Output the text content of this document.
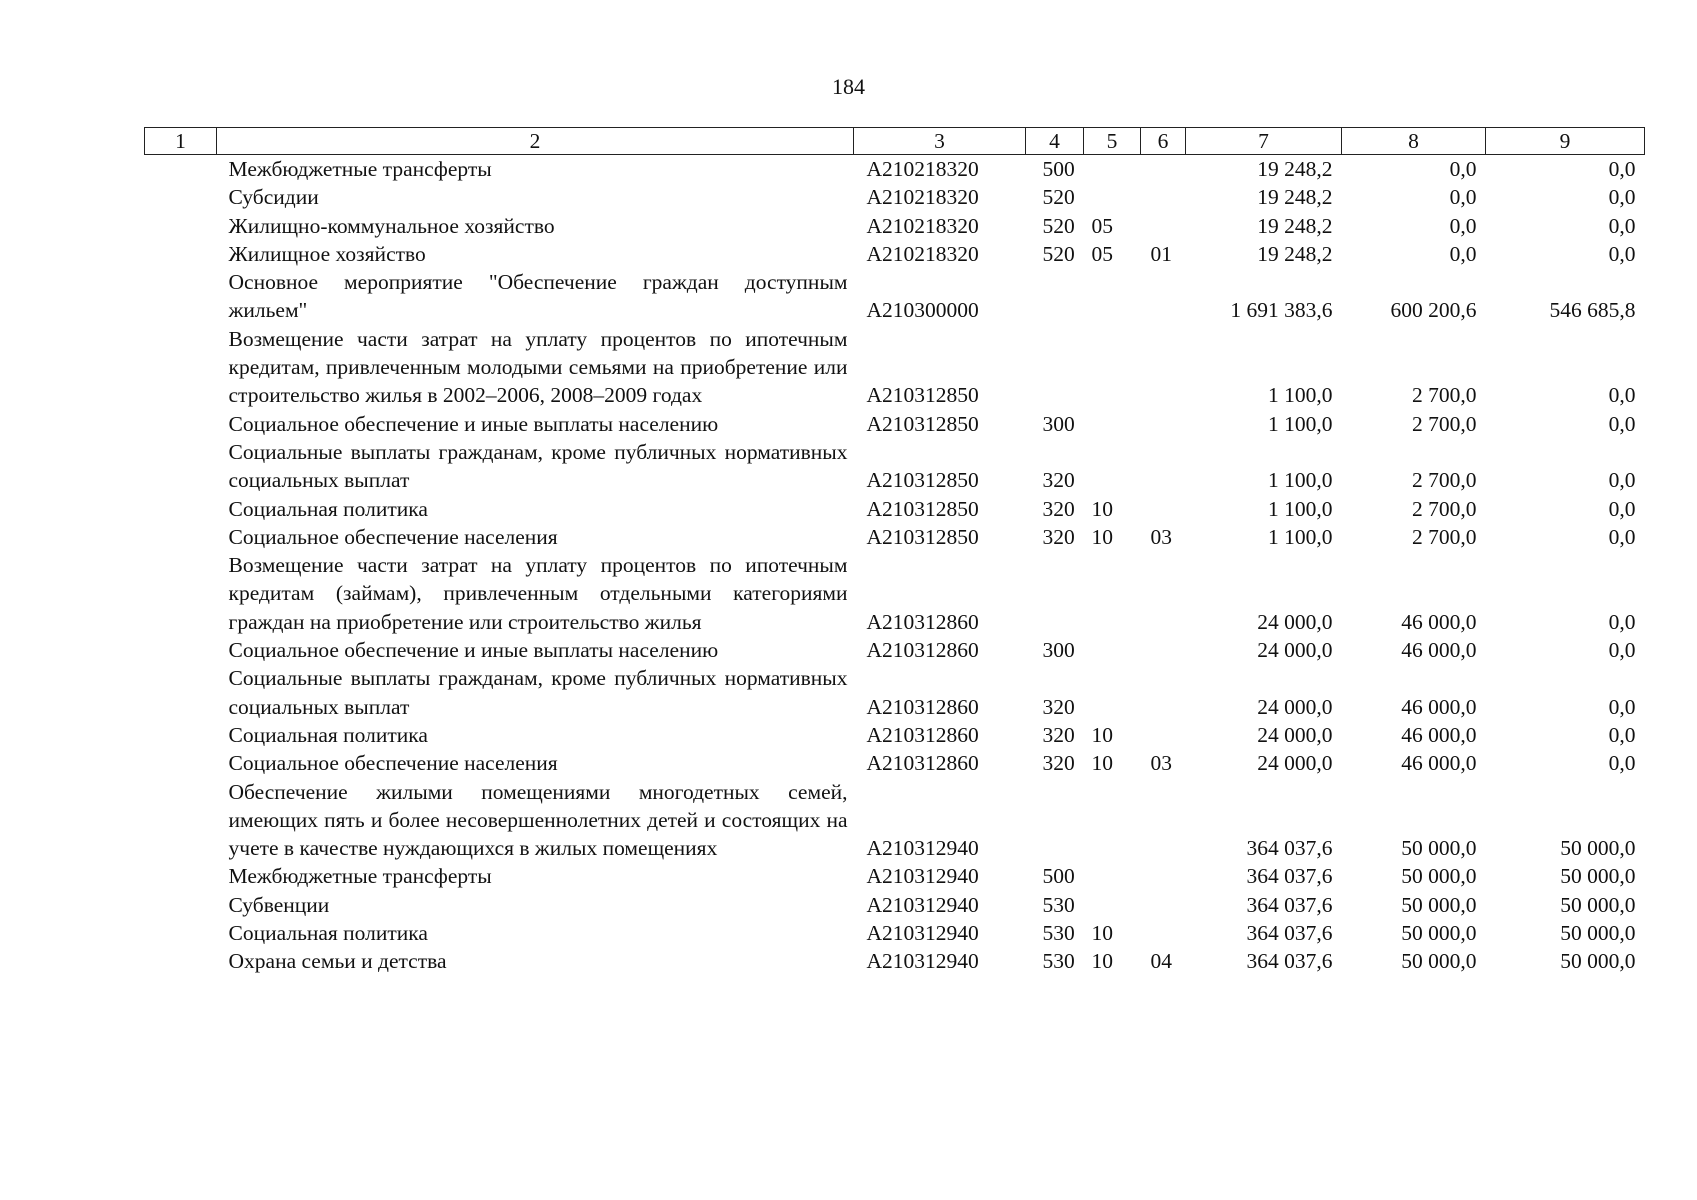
184
1	2	3	4	5	6	7	8	9
	Межбюджетные трансферты	А210218320	500			19 248,2	0,0	0,0
	Субсидии	А210218320	520			19 248,2	0,0	0,0
	Жилищно-коммунальное хозяйство	А210218320	520	05		19 248,2	0,0	0,0
	Жилищное хозяйство	А210218320	520	05	01	19 248,2	0,0	0,0
	Основное мероприятие "Обеспечение граждан доступным жильем"	А210300000				1 691 383,6	600 200,6	546 685,8
	Возмещение части затрат на уплату процентов по ипотечным кредитам, привлеченным молодыми семьями на приобретение или строительство жилья в 2002–2006, 2008–2009 годах	А210312850				1 100,0	2 700,0	0,0
	Социальное обеспечение и иные выплаты населению	А210312850	300			1 100,0	2 700,0	0,0
	Социальные выплаты гражданам, кроме публичных нормативных социальных выплат	А210312850	320			1 100,0	2 700,0	0,0
	Социальная политика	А210312850	320	10		1 100,0	2 700,0	0,0
	Социальное обеспечение населения	А210312850	320	10	03	1 100,0	2 700,0	0,0
	Возмещение части затрат на уплату процентов по ипотечным кредитам (займам), привлеченным отдельными категориями граждан на приобретение или строительство жилья	А210312860				24 000,0	46 000,0	0,0
	Социальное обеспечение и иные выплаты населению	А210312860	300			24 000,0	46 000,0	0,0
	Социальные выплаты гражданам, кроме публичных нормативных социальных выплат	А210312860	320			24 000,0	46 000,0	0,0
	Социальная политика	А210312860	320	10		24 000,0	46 000,0	0,0
	Социальное обеспечение населения	А210312860	320	10	03	24 000,0	46 000,0	0,0
	Обеспечение жилыми помещениями многодетных семей, имеющих пять и более несовершеннолетних детей и состоящих на учете в качестве нуждающихся в жилых помещениях	А210312940				364 037,6	50 000,0	50 000,0
	Межбюджетные трансферты	А210312940	500			364 037,6	50 000,0	50 000,0
	Субвенции	А210312940	530			364 037,6	50 000,0	50 000,0
	Социальная политика	А210312940	530	10		364 037,6	50 000,0	50 000,0
	Охрана семьи и детства	А210312940	530	10	04	364 037,6	50 000,0	50 000,0
